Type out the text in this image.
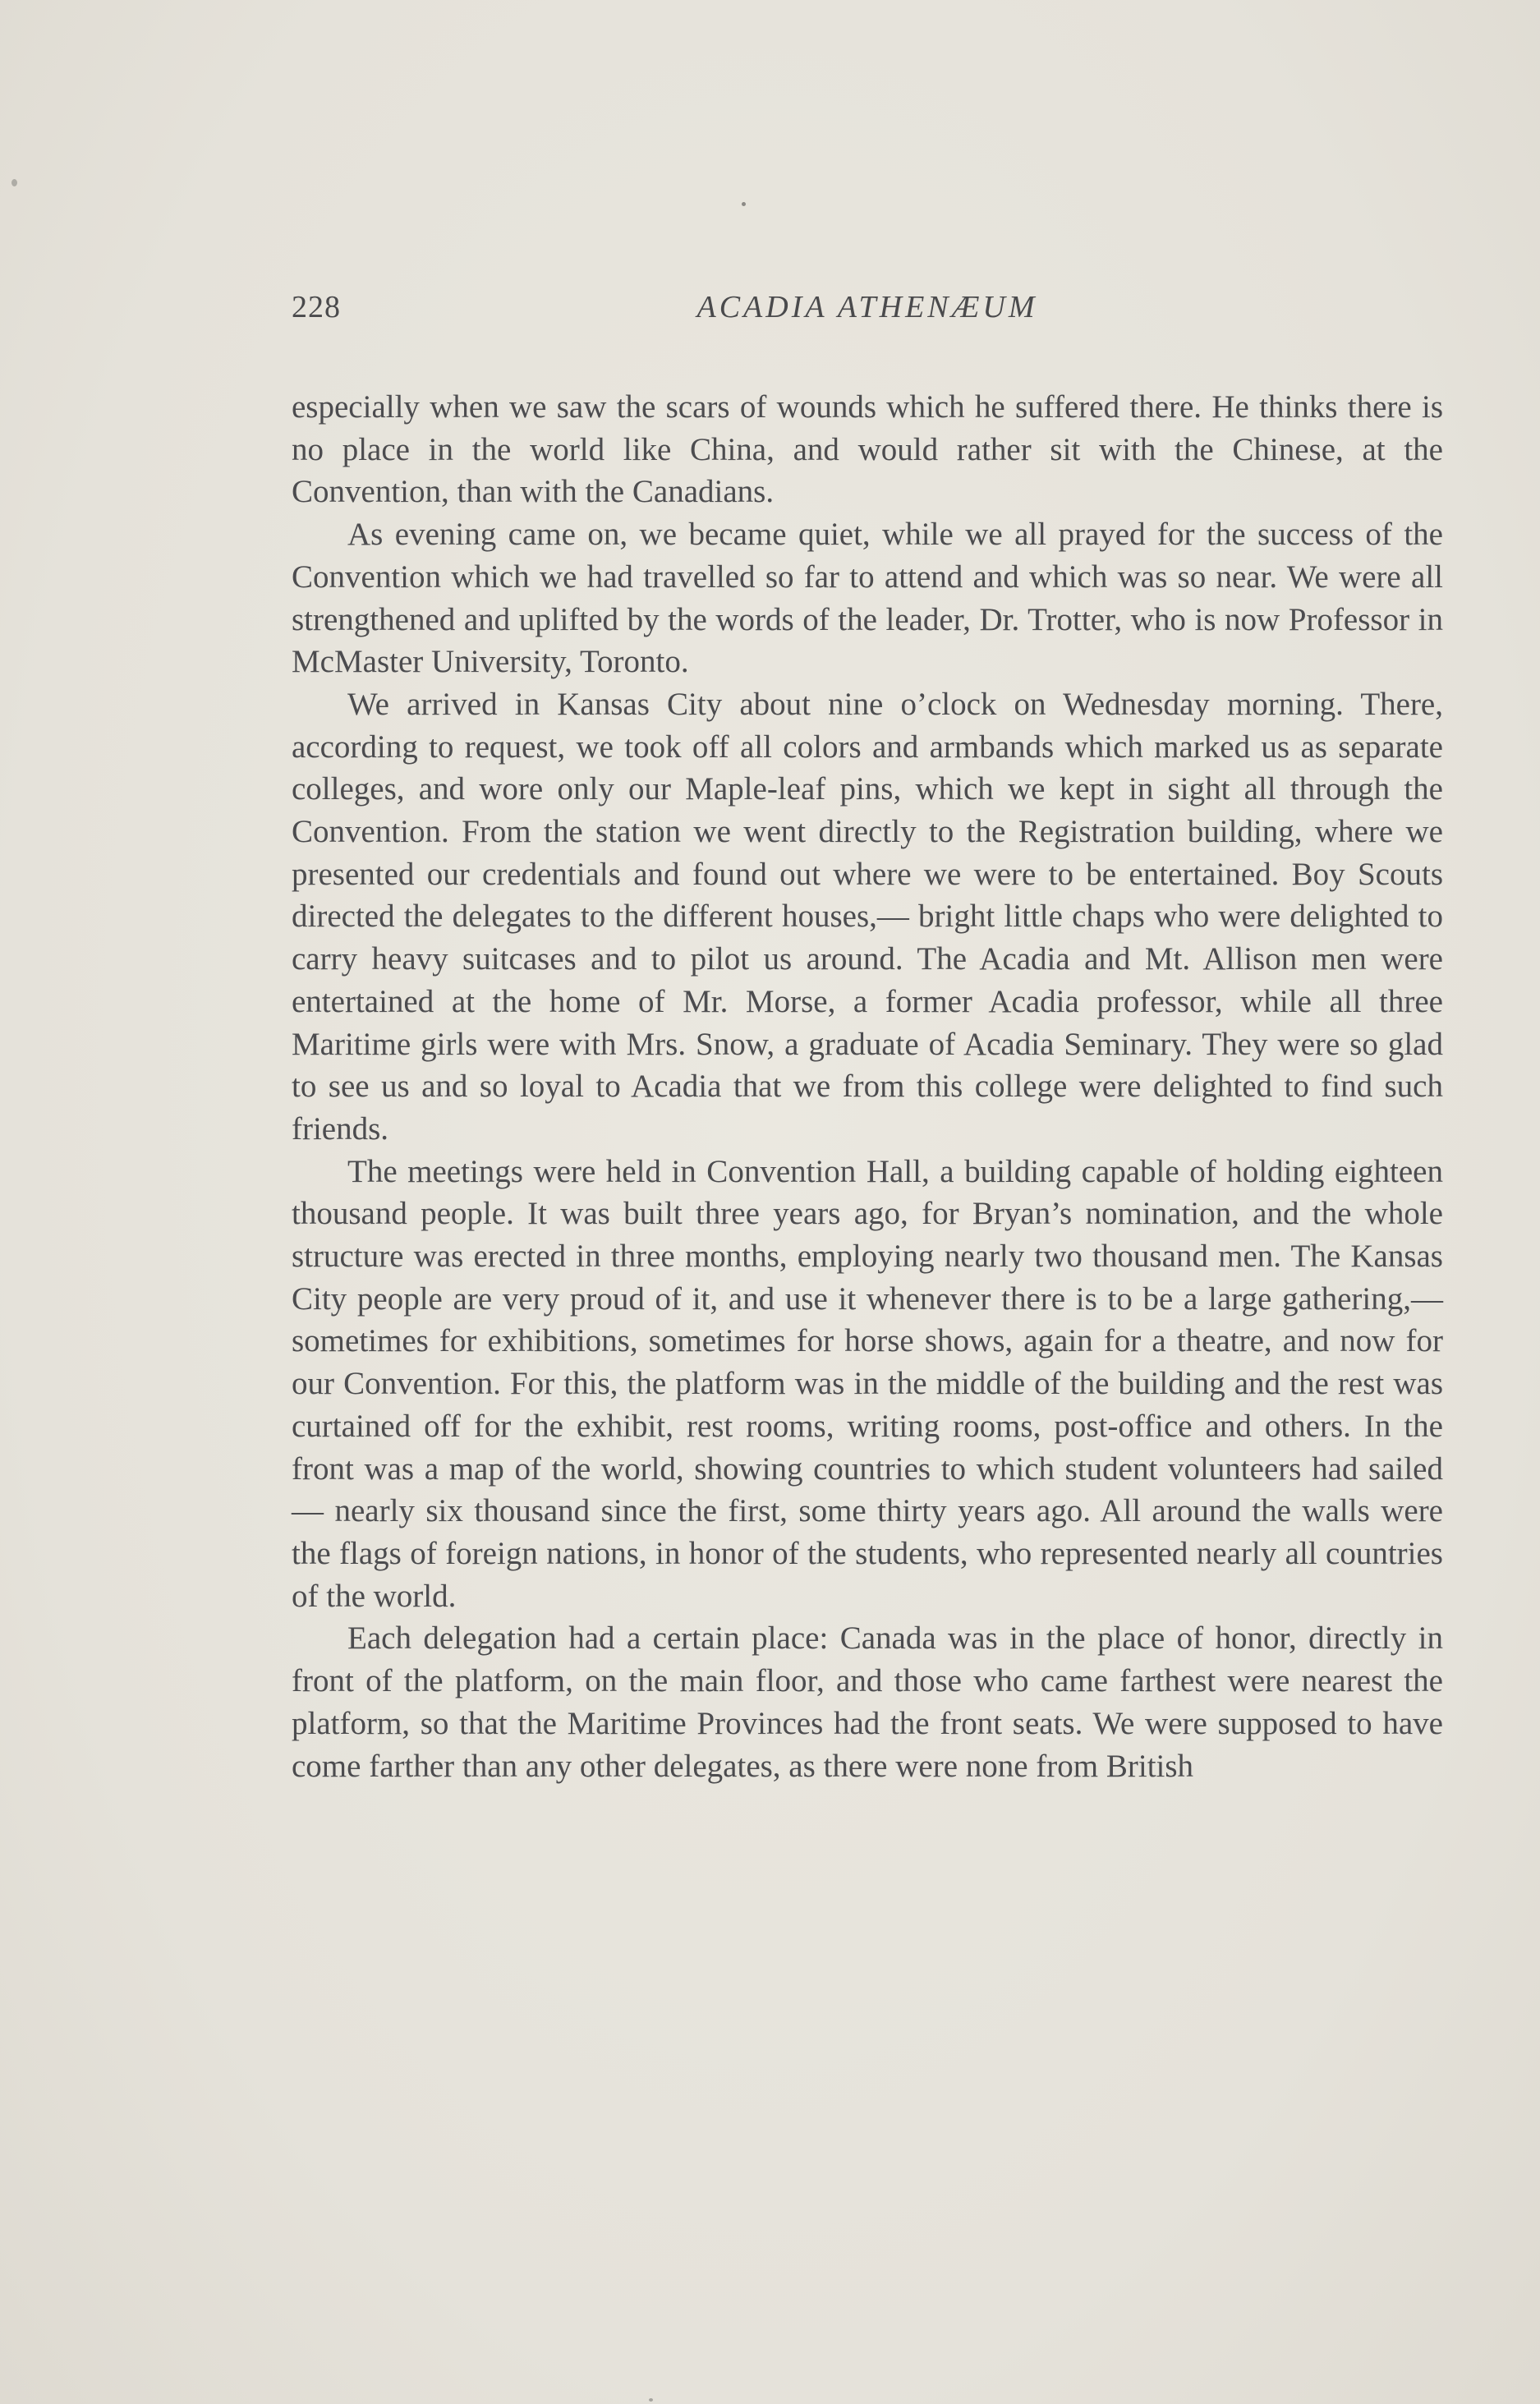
228	ACADIA ATHENÆUM

especially when we saw the scars of wounds which he suffered there. He thinks there is no place in the world like China, and would rather sit with the Chinese, at the Convention, than with the Canadians.

As evening came on, we became quiet, while we all prayed for the success of the Convention which we had travelled so far to attend and which was so near. We were all strengthened and uplifted by the words of the leader, Dr. Trotter, who is now Professor in McMaster University, Toronto.

We arrived in Kansas City about nine o’clock on Wednesday morning. There, according to request, we took off all colors and armbands which marked us as separate colleges, and wore only our Maple-leaf pins, which we kept in sight all through the Convention. From the station we went directly to the Registration building, where we presented our credentials and found out where we were to be entertained. Boy Scouts directed the delegates to the different houses,— bright little chaps who were delighted to carry heavy suitcases and to pilot us around. The Acadia and Mt. Allison men were entertained at the home of Mr. Morse, a former Acadia professor, while all three Maritime girls were with Mrs. Snow, a graduate of Acadia Seminary. They were so glad to see us and so loyal to Acadia that we from this college were delighted to find such friends.

The meetings were held in Convention Hall, a building capable of holding eighteen thousand people. It was built three years ago, for Bryan’s nomination, and the whole structure was erected in three months, employing nearly two thousand men. The Kansas City people are very proud of it, and use it whenever there is to be a large gathering,— sometimes for exhibitions, sometimes for horse shows, again for a theatre, and now for our Convention. For this, the platform was in the middle of the building and the rest was curtained off for the exhibit, rest rooms, writing rooms, post-office and others. In the front was a map of the world, showing countries to which student volunteers had sailed — nearly six thousand since the first, some thirty years ago. All around the walls were the flags of foreign nations, in honor of the students, who represented nearly all countries of the world.

Each delegation had a certain place: Canada was in the place of honor, directly in front of the platform, on the main floor, and those who came farthest were nearest the platform, so that the Maritime Provinces had the front seats. We were supposed to have come farther than any other delegates, as there were none from British
